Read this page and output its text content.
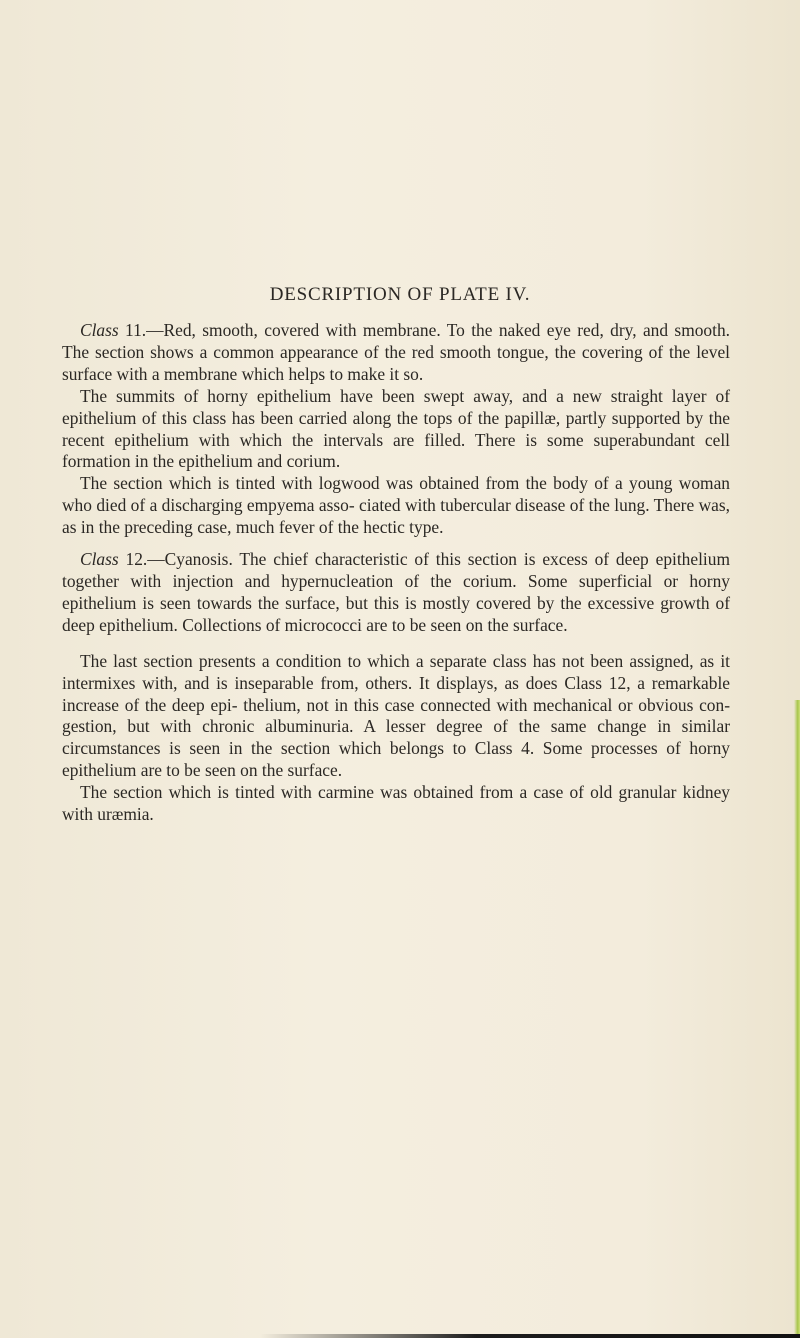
DESCRIPTION OF PLATE IV.

Class 11.—Red, smooth, covered with membrane. To the naked eye red, dry, and smooth. The section shows a common appearance of the red smooth tongue, the covering of the level surface with a membrane which helps to make it so.

The summits of horny epithelium have been swept away, and a new straight layer of epithelium of this class has been carried along the tops of the papillæ, partly supported by the recent epithelium with which the intervals are filled. There is some superabundant cell formation in the epithelium and corium.

The section which is tinted with logwood was obtained from the body of a young woman who died of a discharging empyema asso- ciated with tubercular disease of the lung. There was, as in the preceding case, much fever of the hectic type.

Class 12.—Cyanosis. The chief characteristic of this section is excess of deep epithelium together with injection and hypernucleation of the corium. Some superficial or horny epithelium is seen towards the surface, but this is mostly covered by the excessive growth of deep epithelium. Collections of micrococci are to be seen on the surface.

The last section presents a condition to which a separate class has not been assigned, as it intermixes with, and is inseparable from, others. It displays, as does Class 12, a remarkable increase of the deep epi- thelium, not in this case connected with mechanical or obvious con- gestion, but with chronic albuminuria. A lesser degree of the same change in similar circumstances is seen in the section which belongs to Class 4. Some processes of horny epithelium are to be seen on the surface.

The section which is tinted with carmine was obtained from a case of old granular kidney with uræmia.
